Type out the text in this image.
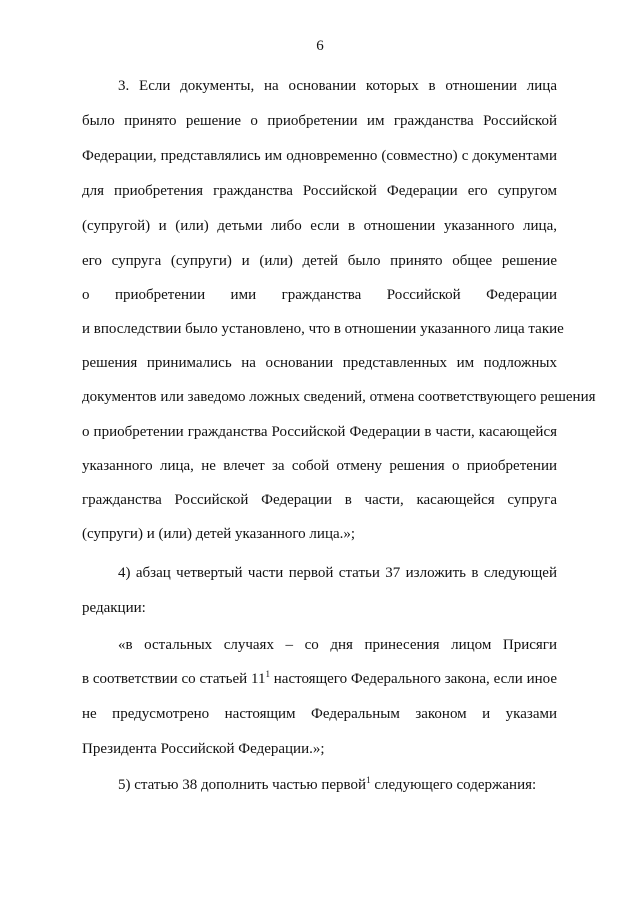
6
3. Если документы, на основании которых в отношении лица
было принято решение о приобретении им гражданства Российской
Федерации, представлялись им одновременно (совместно) с документами
для приобретения гражданства Российской Федерации его супругом
(супругой) и (или) детьми либо если в отношении указанного лица,
его супруга (супруги) и (или) детей было принято общее решение
о приобретении ими гражданства Российской Федерации
и впоследствии было установлено, что в отношении указанного лица такие
решения принимались на основании представленных им подложных
документов или заведомо ложных сведений, отмена соответствующего решения
о приобретении гражданства Российской Федерации в части, касающейся
указанного лица, не влечет за собой отмену решения о приобретении
гражданства Российской Федерации в части, касающейся супруга
(супруги) и (или) детей указанного лица.»;
4) абзац четвертый части первой статьи 37 изложить в следующей
редакции:
«в остальных случаях – со дня принесения лицом Присяги
в соответствии со статьей $11^1$ настоящего Федерального закона, если иное
не предусмотрено настоящим Федеральным законом и указами
Президента Российской Федерации.»;
5) статью 38 дополнить частью первой$^1$ следующего содержания:
